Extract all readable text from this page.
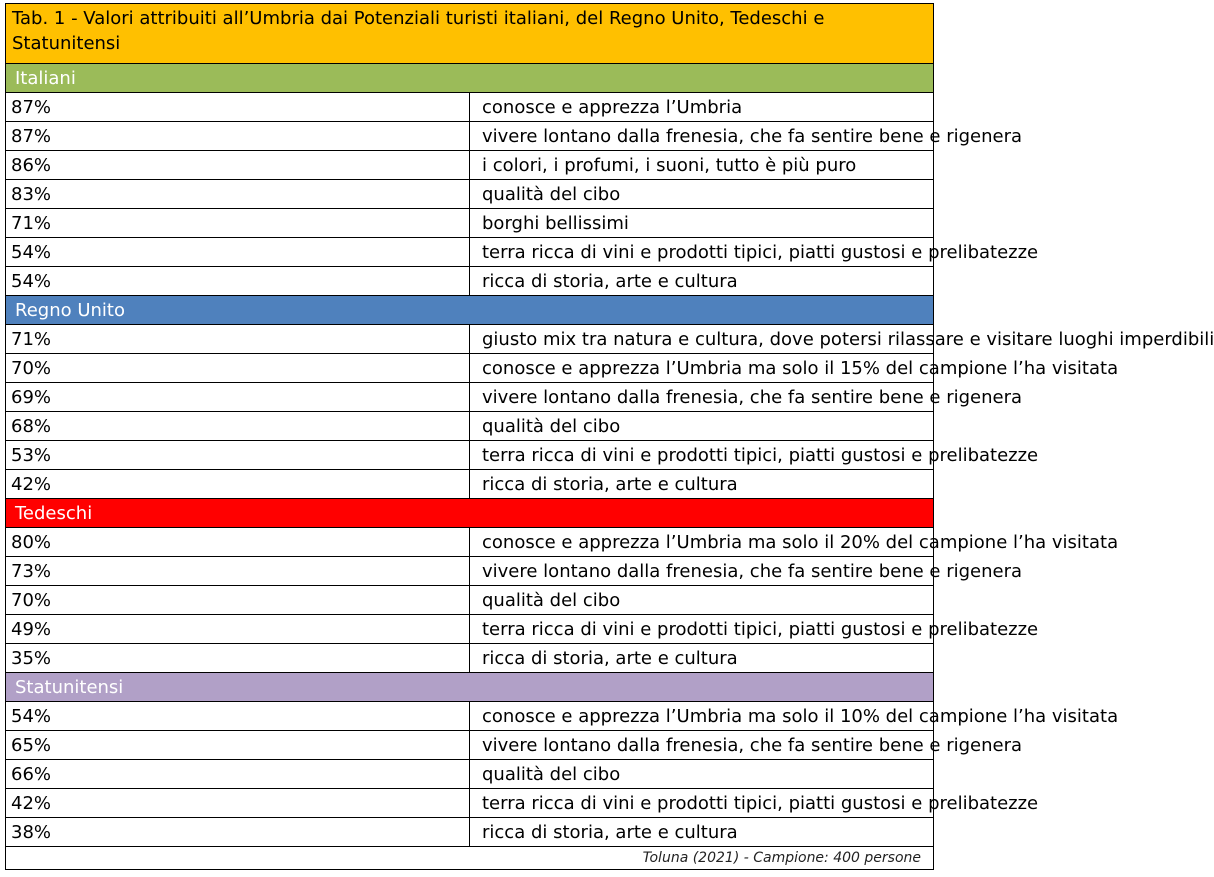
Tab. 1 - Valori attribuiti all’Umbria dai Potenziali turisti italiani, del Regno Unito, Tedeschi e Statunitensi	
Italiani	
87%	conosce e apprezza l’Umbria
87%	vivere lontano dalla frenesia, che fa sentire bene e rigenera
86%	i colori, i profumi, i suoni, tutto è più puro
83%	qualità del cibo
71%	borghi bellissimi
54%	terra ricca di vini e prodotti tipici, piatti gustosi e prelibatezze
54%	ricca di storia, arte e cultura
Regno Unito	
71%	giusto mix tra natura e cultura, dove potersi rilassare e visitare luoghi imperdibili
70%	conosce e apprezza l’Umbria ma solo il 15% del campione l’ha visitata
69%	vivere lontano dalla frenesia, che fa sentire bene e rigenera
68%	qualità del cibo
53%	terra ricca di vini e prodotti tipici, piatti gustosi e prelibatezze
42%	ricca di storia, arte e cultura
Tedeschi	
80%	conosce e apprezza l’Umbria ma solo il 20% del campione l’ha visitata
73%	vivere lontano dalla frenesia, che fa sentire bene e rigenera
70%	qualità del cibo
49%	terra ricca di vini e prodotti tipici, piatti gustosi e prelibatezze
35%	ricca di storia, arte e cultura
Statunitensi	
54%	conosce e apprezza l’Umbria ma solo il 10% del campione l’ha visitata
65%	vivere lontano dalla frenesia, che fa sentire bene e rigenera
66%	qualità del cibo
42%	terra ricca di vini e prodotti tipici, piatti gustosi e prelibatezze
38%	ricca di storia, arte e cultura
Toluna (2021) - Campione: 400 persone	
